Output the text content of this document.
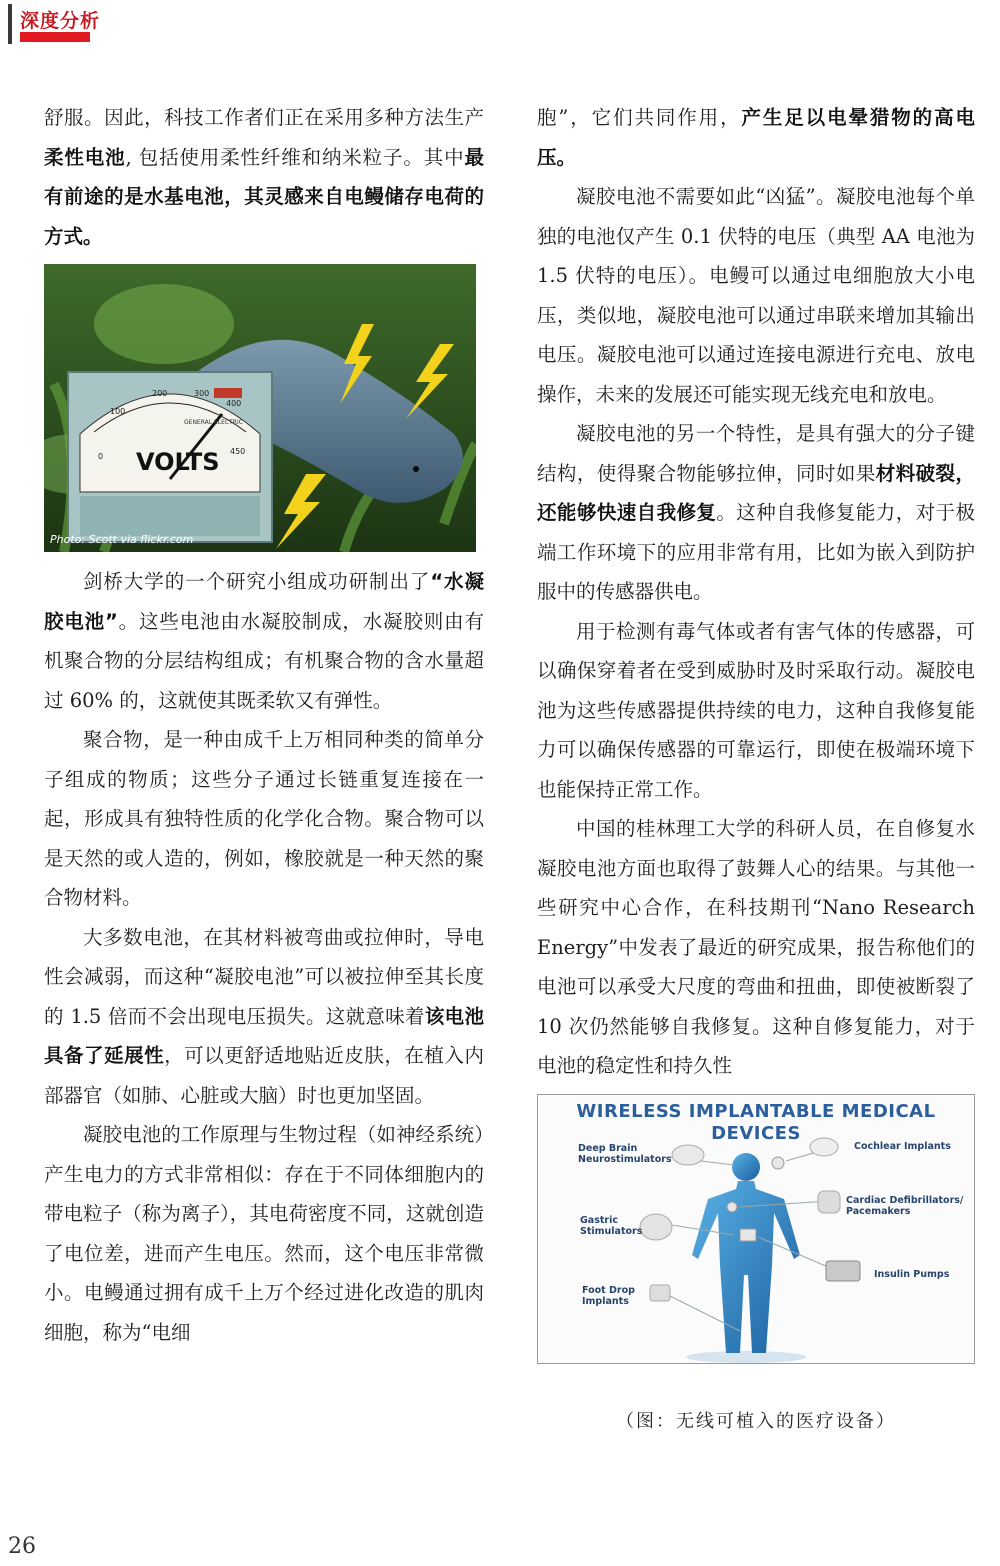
深度分析

舒服。因此，科技工作者们正在采用多种方法生产柔性电池, 包括使用柔性纤维和纳米粒子。其中最有前途的是水基电池，其灵感来自电鳗储存电荷的方式。

0
100
200	300
400
450
GENERAL ELECTRIC
VOLTS
Photo: Scott via flickr.com

剑桥大学的一个研究小组成功研制出了“水凝胶电池”。这些电池由水凝胶制成，水凝胶则由有机聚合物的分层结构组成；有机聚合物的含水量超过 60% 的，这就使其既柔软又有弹性。

聚合物，是一种由成千上万相同种类的简单分子组成的物质；这些分子通过长链重复连接在一起，形成具有独特性质的化学化合物。聚合物可以是天然的或人造的，例如，橡胶就是一种天然的聚合物材料。

大多数电池，在其材料被弯曲或拉伸时，导电性会减弱，而这种“凝胶电池”可以被拉伸至其长度的 1.5 倍而不会出现电压损失。这就意味着该电池具备了延展性，可以更舒适地贴近皮肤，在植入内部器官（如肺、心脏或大脑）时也更加坚固。

凝胶电池的工作原理与生物过程（如神经系统）产生电力的方式非常相似：存在于不同体细胞内的带电粒子（称为离子），其电荷密度不同，这就创造了电位差，进而产生电压。然而，这个电压非常微小。电鳗通过拥有成千上万个经过进化改造的肌肉细胞，称为“电细

胞”，它们共同作用，产生足以电晕猎物的高电压。

凝胶电池不需要如此“凶猛”。凝胶电池每个单独的电池仅产生 0.1 伏特的电压（典型 AA 电池为 1.5 伏特的电压）。电鳗可以通过电细胞放大小电压，类似地，凝胶电池可以通过串联来增加其输出电压。凝胶电池可以通过连接电源进行充电、放电操作，未来的发展还可能实现无线充电和放电。

凝胶电池的另一个特性，是具有强大的分子键结构，使得聚合物能够拉伸，同时如果材料破裂，还能够快速自我修复。这种自我修复能力，对于极端工作环境下的应用非常有用，比如为嵌入到防护服中的传感器供电。

用于检测有毒气体或者有害气体的传感器，可以确保穿着者在受到威胁时及时采取行动。凝胶电池为这些传感器提供持续的电力，这种自我修复能力可以确保传感器的可靠运行，即使在极端环境下也能保持正常工作。

中国的桂林理工大学的科研人员，在自修复水凝胶电池方面也取得了鼓舞人心的结果。与其他一些研究中心合作，在科技期刊“Nano Research Energy”中发表了最近的研究成果，报告称他们的电池可以承受大尺度的弯曲和扭曲，即使被断裂了 10 次仍然能够自我修复。这种自修复能力，对于电池的稳定性和持久性

WIRELESS IMPLANTABLE MEDICAL DEVICES
Deep Brain
Neurostimulators
Cochlear Implants
Cardiac Defibrillators/
Pacemakers
Gastric
Stimulators
Insulin Pumps
Foot Drop
Implants
（图：无线可植入的医疗设备）
26
